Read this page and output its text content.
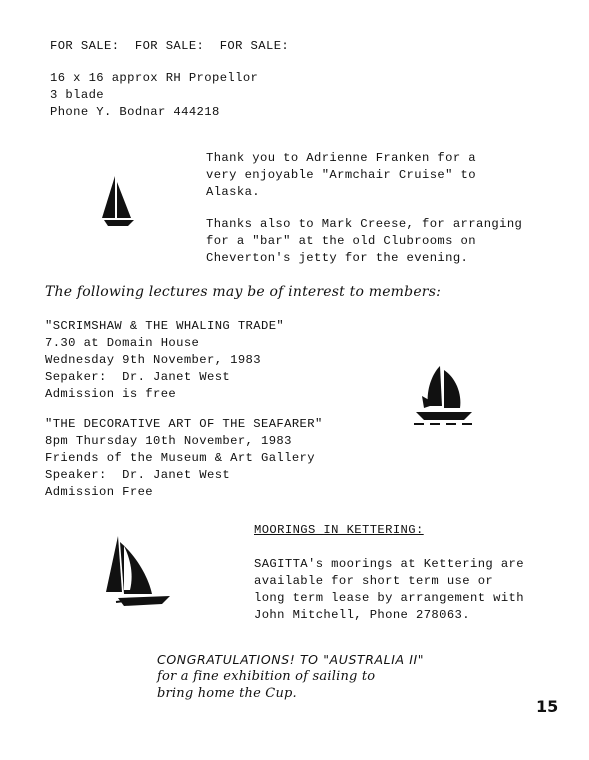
FOR SALE:  FOR SALE:  FOR SALE:
16 x 16 approx RH Propellor
3 blade
Phone Y. Bodnar 444218
Thank you to Adrienne Franken for a
very enjoyable "Armchair Cruise" to
Alaska.
Thanks also to Mark Creese, for arranging
for a "bar" at the old Clubrooms on
Cheverton's jetty for the evening.
The following lectures may be of interest to members:
"SCRIMSHAW & THE WHALING TRADE"
7.30 at Domain House
Wednesday 9th November, 1983
Sepaker:  Dr. Janet West
Admission is free
"THE DECORATIVE ART OF THE SEAFARER"
8pm Thursday 10th November, 1983
Friends of the Museum & Art Gallery
Speaker:  Dr. Janet West
Admission Free
MOORINGS IN KETTERING:
SAGITTA's moorings at Kettering are
available for short term use or
long term lease by arrangement with
John Mitchell, Phone 278063.
CONGRATULATIONS! TO "AUSTRALIA II"
for a fine exhibition of sailing to
bring home the Cup.
15
